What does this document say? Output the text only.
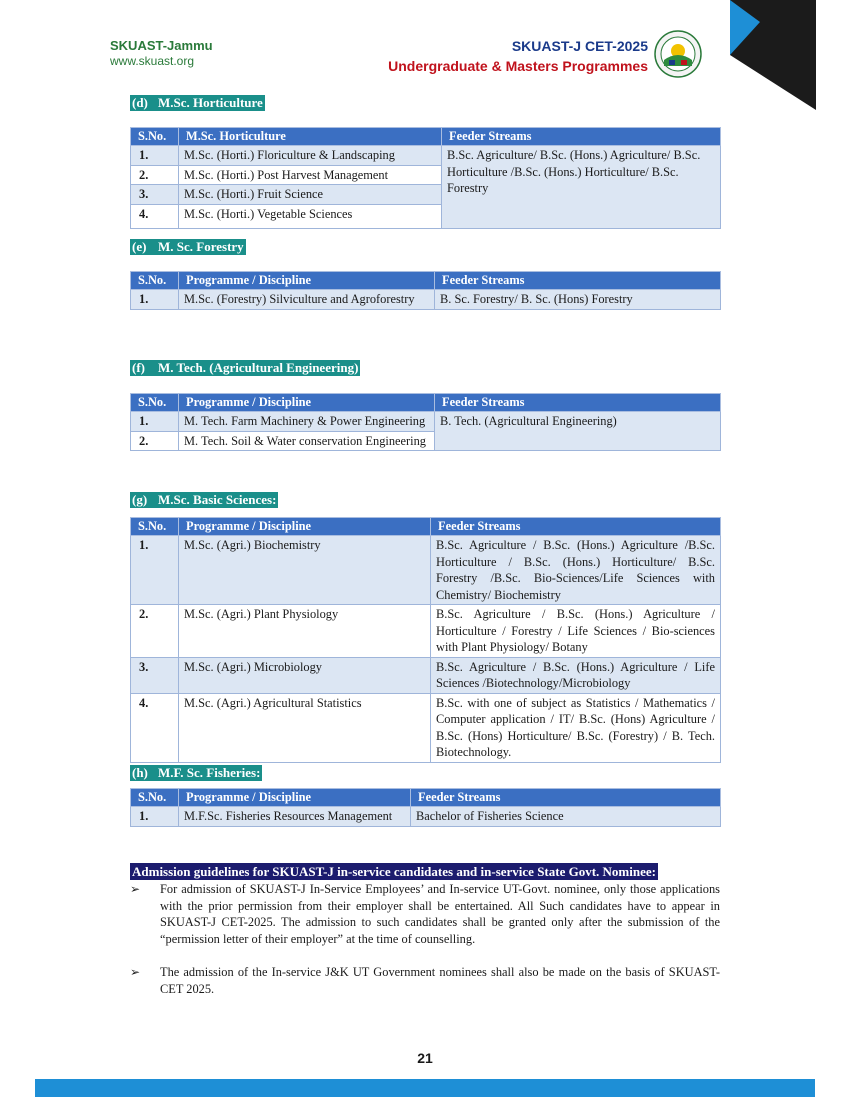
SKUAST-Jammu
www.skuast.org
SKUAST-J CET-2025
Undergraduate & Masters Programmes
(d) M.Sc. Horticulture
S.No.	M.Sc. Horticulture	Feeder Streams
1.	M.Sc. (Horti.) Floriculture & Landscaping	B.Sc. Agriculture/ B.Sc. (Hons.) Agriculture/ B.Sc. Horticulture /B.Sc. (Hons.) Horticulture/ B.Sc. Forestry
2.	M.Sc. (Horti.) Post Harvest Management	
3.	M.Sc. (Horti.) Fruit Science	
4.	M.Sc. (Horti.) Vegetable Sciences	
(e) M. Sc. Forestry
S.No.	Programme / Discipline	Feeder Streams
1.	M.Sc. (Forestry) Silviculture and Agroforestry	B. Sc. Forestry/ B. Sc. (Hons) Forestry
(f) M. Tech. (Agricultural Engineering)
S.No.	Programme / Discipline	Feeder Streams
1.	M. Tech. Farm Machinery & Power Engineering	B. Tech. (Agricultural Engineering)
2.	M. Tech. Soil & Water conservation Engineering	
(g) M.Sc. Basic Sciences:
S.No.	Programme / Discipline	Feeder Streams
1.	M.Sc. (Agri.) Biochemistry	B.Sc. Agriculture / B.Sc. (Hons.) Agriculture /B.Sc. Horticulture / B.Sc. (Hons.) Horticulture/ B.Sc. Forestry /B.Sc. Bio-Sciences/Life Sciences with Chemistry/ Biochemistry
2.	M.Sc. (Agri.) Plant Physiology	B.Sc. Agriculture / B.Sc. (Hons.) Agriculture / Horticulture / Forestry / Life Sciences / Bio-sciences with Plant Physiology/ Botany
3.	M.Sc. (Agri.) Microbiology	B.Sc. Agriculture / B.Sc. (Hons.) Agriculture / Life Sciences /Biotechnology/Microbiology
4.	M.Sc. (Agri.) Agricultural Statistics	B.Sc. with one of subject as Statistics / Mathematics / Computer application / IT/ B.Sc. (Hons) Agriculture / B.Sc. (Hons) Horticulture/ B.Sc. (Forestry) / B. Tech. Biotechnology.
(h) M.F. Sc. Fisheries:
S.No.	Programme / Discipline	Feeder Streams
1.	M.F.Sc. Fisheries Resources Management	Bachelor of Fisheries Science
Admission guidelines for SKUAST-J in-service candidates and in-service State Govt. Nominee:
➢	For admission of SKUAST-J In-Service Employees’ and In-service UT-Govt. nominee, only those applications with the prior permission from their employer shall be entertained. All Such candidates have to appear in SKUAST-J CET-2025. The admission to such candidates shall be granted only after the submission of the “permission letter of their employer” at the time of counselling.
➢	The admission of the In-service J&K UT Government nominees shall also be made on the basis of SKUAST-CET 2025.
21
